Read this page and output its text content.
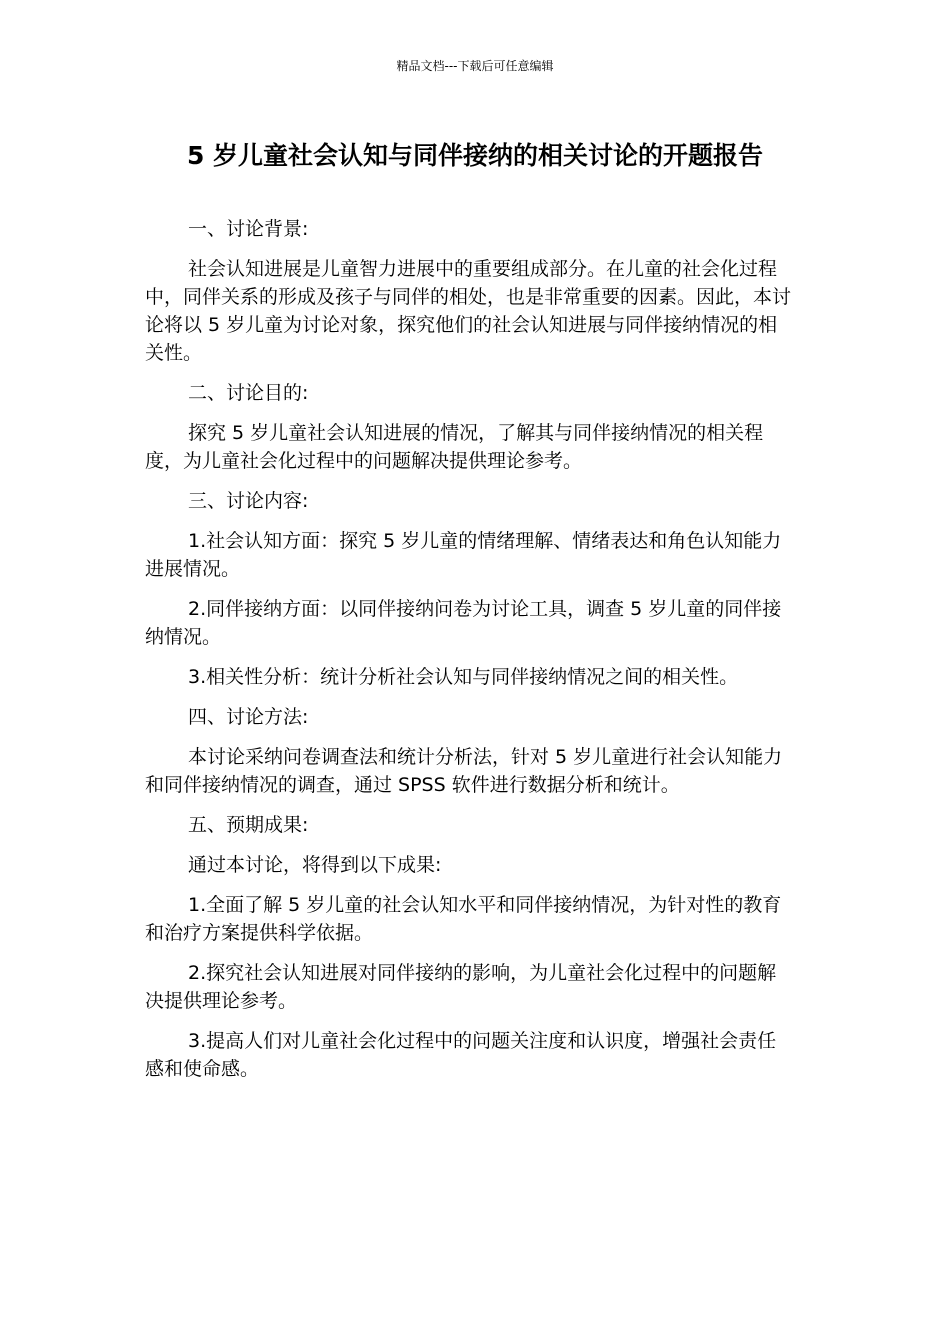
精品文档---下载后可任意编辑
5 岁儿童社会认知与同伴接纳的相关讨论的开题报告

一、讨论背景:

社会认知进展是儿童智力进展中的重要组成部分。在儿童的社会化过程中，同伴关系的形成及孩子与同伴的相处，也是非常重要的因素。因此，本讨论将以 5 岁儿童为讨论对象，探究他们的社会认知进展与同伴接纳情况的相关性。

二、讨论目的:

探究 5 岁儿童社会认知进展的情况，了解其与同伴接纳情况的相关程度，为儿童社会化过程中的问题解决提供理论参考。

三、讨论内容:

1.社会认知方面：探究 5 岁儿童的情绪理解、情绪表达和角色认知能力进展情况。

2.同伴接纳方面：以同伴接纳问卷为讨论工具，调查 5 岁儿童的同伴接纳情况。

3.相关性分析：统计分析社会认知与同伴接纳情况之间的相关性。

四、讨论方法:

本讨论采纳问卷调查法和统计分析法，针对 5 岁儿童进行社会认知能力和同伴接纳情况的调查，通过 SPSS 软件进行数据分析和统计。

五、预期成果:

通过本讨论，将得到以下成果:

1.全面了解 5 岁儿童的社会认知水平和同伴接纳情况，为针对性的教育和治疗方案提供科学依据。

2.探究社会认知进展对同伴接纳的影响，为儿童社会化过程中的问题解决提供理论参考。

3.提高人们对儿童社会化过程中的问题关注度和认识度，增强社会责任感和使命感。
